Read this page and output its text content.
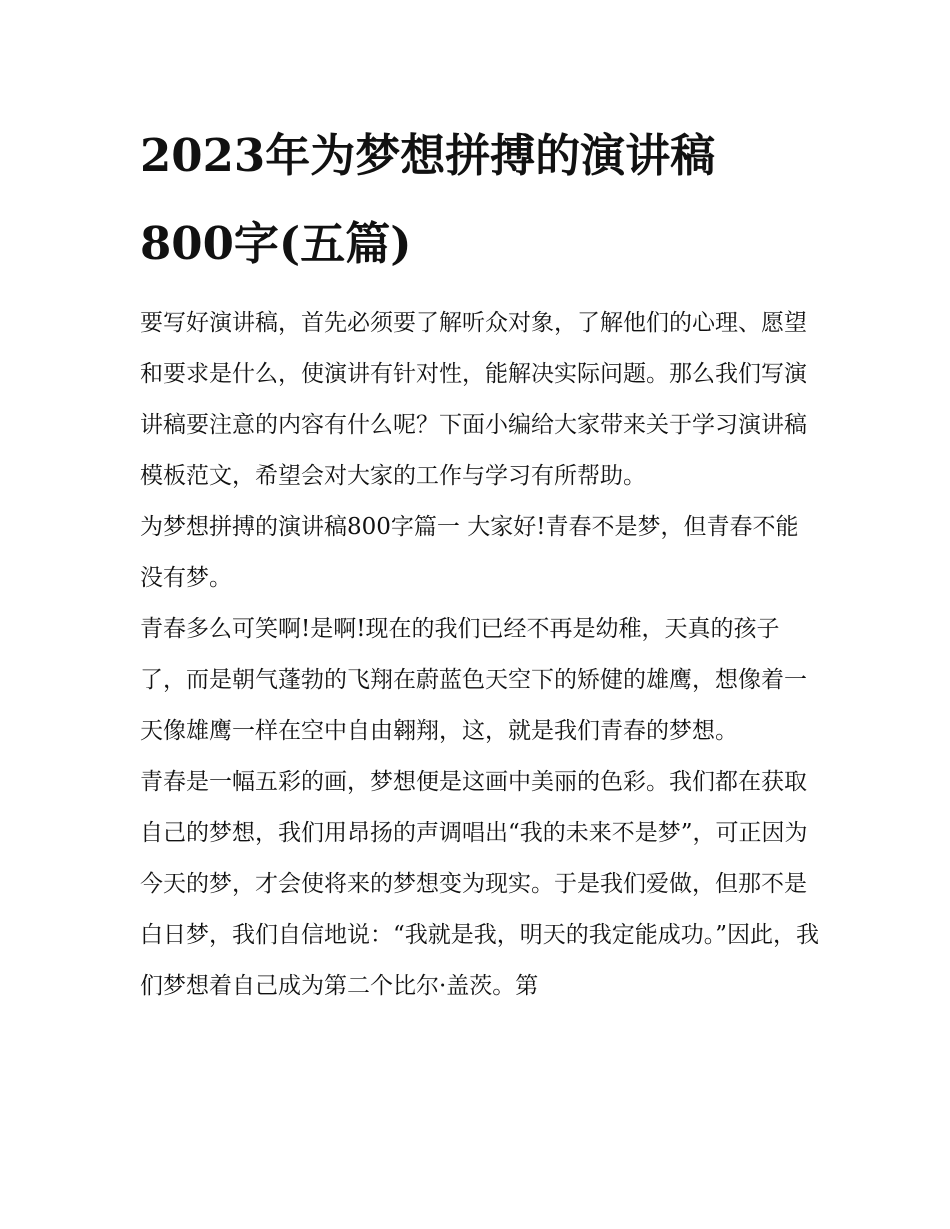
2023年为梦想拼搏的演讲稿
800字(五篇)

要写好演讲稿，首先必须要了解听众对象，了解他们的心理、愿望和要求是什么，使演讲有针对性，能解决实际问题。那么我们写演讲稿要注意的内容有什么呢？下面小编给大家带来关于学习演讲稿模板范文，希望会对大家的工作与学习有所帮助。

为梦想拼搏的演讲稿800字篇一 大家好!青春不是梦，但青春不能没有梦。

青春多么可笑啊!是啊!现在的我们已经不再是幼稚，天真的孩子了，而是朝气蓬勃的飞翔在蔚蓝色天空下的矫健的雄鹰，想像着一天像雄鹰一样在空中自由翱翔，这，就是我们青春的梦想。

青春是一幅五彩的画，梦想便是这画中美丽的色彩。我们都在获取自己的梦想，我们用昂扬的声调唱出“我的未来不是梦”，可正因为今天的梦，才会使将来的梦想变为现实。于是我们爱做，但那不是白日梦，我们自信地说：“我就是我，明天的我定能成功。”因此，我们梦想着自己成为第二个比尔·盖茨。第
